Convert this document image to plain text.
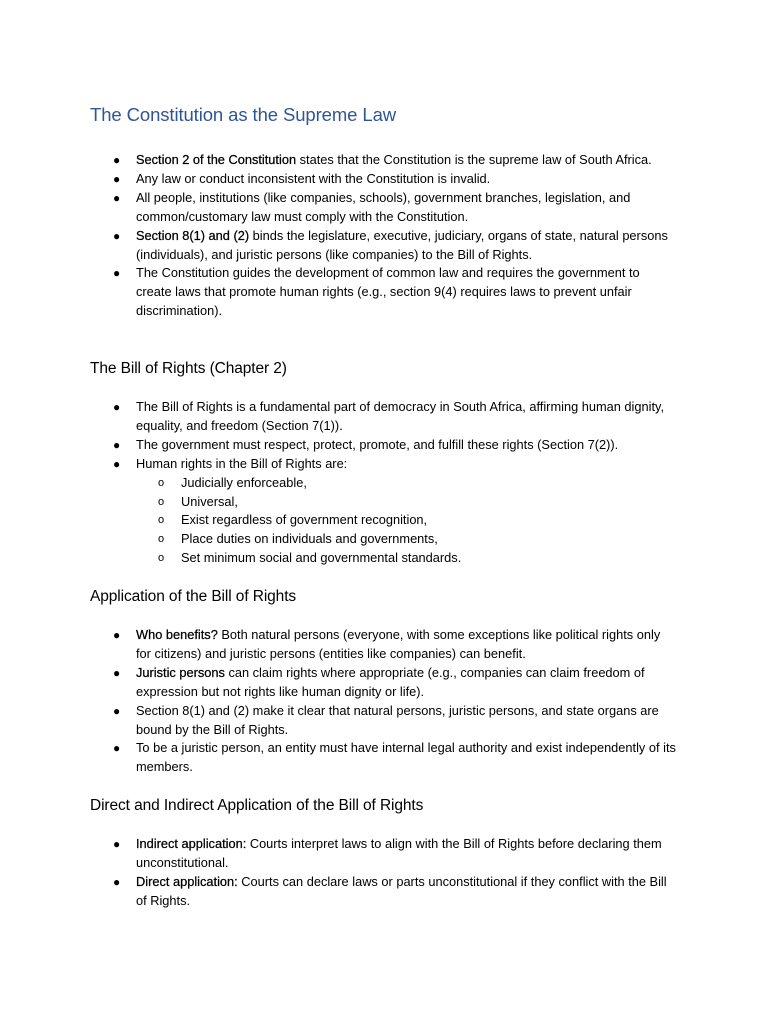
The Constitution as the Supreme Law
● Section 2 of the Constitution states that the Constitution is the supreme law of South Africa.
● Any law or conduct inconsistent with the Constitution is invalid.
● All people, institutions (like companies, schools), government branches, legislation, and common/customary law must comply with the Constitution.
● Section 8(1) and (2) binds the legislature, executive, judiciary, organs of state, natural persons (individuals), and juristic persons (like companies) to the Bill of Rights.
● The Constitution guides the development of common law and requires the government to create laws that promote human rights (e.g., section 9(4) requires laws to prevent unfair discrimination).
The Bill of Rights (Chapter 2)
● The Bill of Rights is a fundamental part of democracy in South Africa, affirming human dignity, equality, and freedom (Section 7(1)).
● The government must respect, protect, promote, and fulfill these rights (Section 7(2)).
● Human rights in the Bill of Rights are:
o Judicially enforceable,
o Universal,
o Exist regardless of government recognition,
o Place duties on individuals and governments,
o Set minimum social and governmental standards.
Application of the Bill of Rights
● Who benefits? Both natural persons (everyone, with some exceptions like political rights only for citizens) and juristic persons (entities like companies) can benefit.
● Juristic persons can claim rights where appropriate (e.g., companies can claim freedom of expression but not rights like human dignity or life).
● Section 8(1) and (2) make it clear that natural persons, juristic persons, and state organs are bound by the Bill of Rights.
● To be a juristic person, an entity must have internal legal authority and exist independently of its members.
Direct and Indirect Application of the Bill of Rights
● Indirect application: Courts interpret laws to align with the Bill of Rights before declaring them unconstitutional.
● Direct application: Courts can declare laws or parts unconstitutional if they conflict with the Bill of Rights.
